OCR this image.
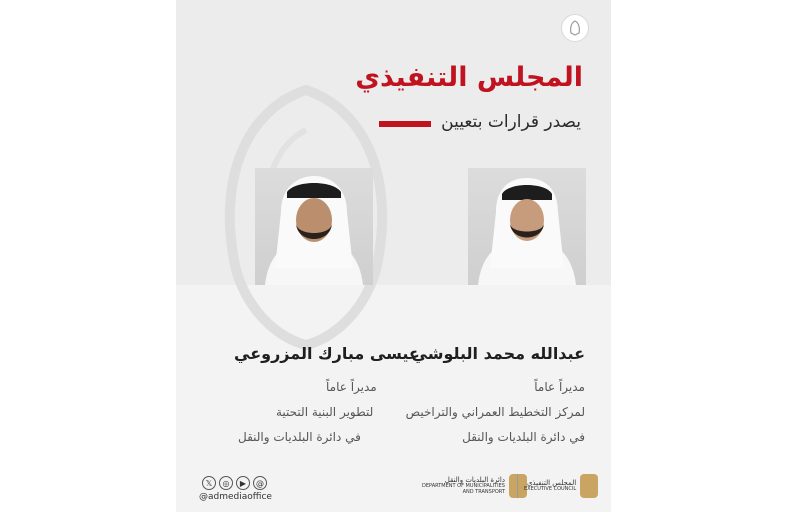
المجلس التنفيذي
يصدر قرارات بتعيين
عبدالله محمد البلوشي
مديراً عاماً
لمركز التخطيط العمراني والتراخيص
في دائرة البلديات والنقل
عيسى مبارك المزروعي
مديراً عاماً
لتطوير البنية التحتية
في دائرة البلديات والنقل
𝕏	◎	▶	@
@admediaoffice
دائرة البلديات والنقل
DEPARTMENT OF MUNICIPALITIES
AND TRANSPORT
المجلس التنفيذي
EXECUTIVE COUNCIL
